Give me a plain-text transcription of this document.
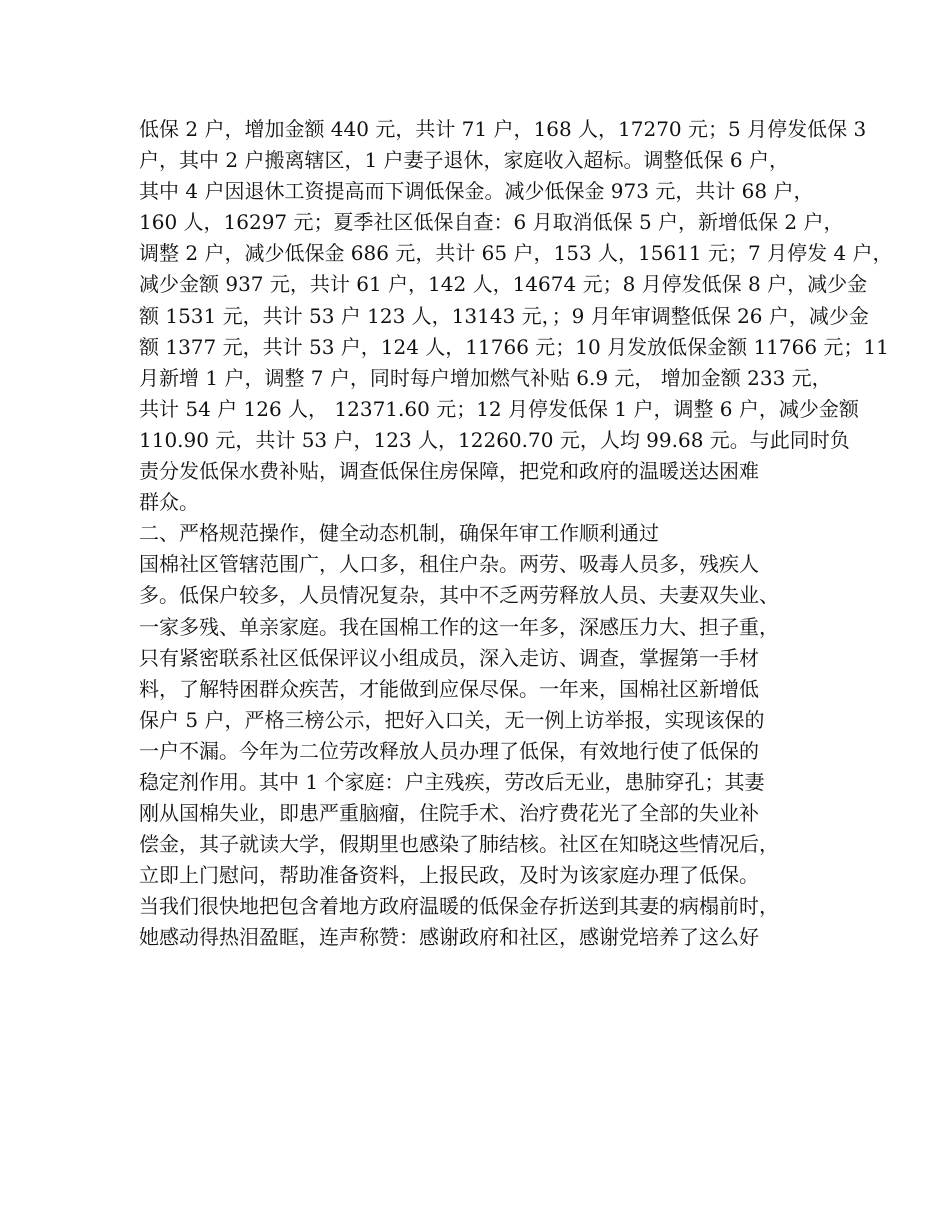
低保 2 户，增加金额 440 元，共计 71 户，168 人，17270 元；5 月停发低保 3
户，其中 2 户搬离辖区，1 户妻子退休，家庭收入超标。调整低保 6 户，
其中 4 户因退休工资提高而下调低保金。减少低保金 973 元，共计 68 户，
160 人，16297 元；夏季社区低保自查：6 月取消低保 5 户，新增低保 2 户，
调整 2 户，减少低保金 686 元，共计 65 户，153 人，15611 元；7 月停发 4 户，
减少金额 937 元，共计 61 户，142 人，14674 元；8 月停发低保 8 户，减少金
额 1531 元，共计 53 户 123 人，13143 元，；9 月年审调整低保 26 户，减少金
额 1377 元，共计 53 户，124 人，11766 元；10 月发放低保金额 11766 元；11
月新增 1 户，调整 7 户，同时每户增加燃气补贴 6.9 元， 增加金额 233 元，
共计 54 户 126 人， 12371.60 元；12 月停发低保 1 户，调整 6 户，减少金额
110.90 元，共计 53 户，123 人，12260.70 元，人均 99.68 元。与此同时负
责分发低保水费补贴，调查低保住房保障，把党和政府的温暖送达困难
群众。
二、严格规范操作，健全动态机制，确保年审工作顺利通过
国棉社区管辖范围广，人口多，租住户杂。两劳、吸毒人员多，残疾人
多。低保户较多，人员情况复杂，其中不乏两劳释放人员、夫妻双失业、
一家多残、单亲家庭。我在国棉工作的这一年多，深感压力大、担子重，
只有紧密联系社区低保评议小组成员，深入走访、调查，掌握第一手材
料，了解特困群众疾苦，才能做到应保尽保。一年来，国棉社区新增低
保户 5 户，严格三榜公示，把好入口关，无一例上访举报，实现该保的
一户不漏。今年为二位劳改释放人员办理了低保，有效地行使了低保的
稳定剂作用。其中 1 个家庭：户主残疾，劳改后无业，患肺穿孔；其妻
刚从国棉失业，即患严重脑瘤，住院手术、治疗费花光了全部的失业补
偿金，其子就读大学，假期里也感染了肺结核。社区在知晓这些情况后，
立即上门慰问，帮助准备资料，上报民政，及时为该家庭办理了低保。
当我们很快地把包含着地方政府温暖的低保金存折送到其妻的病榻前时，
她感动得热泪盈眶，连声称赞：感谢政府和社区，感谢党培养了这么好
